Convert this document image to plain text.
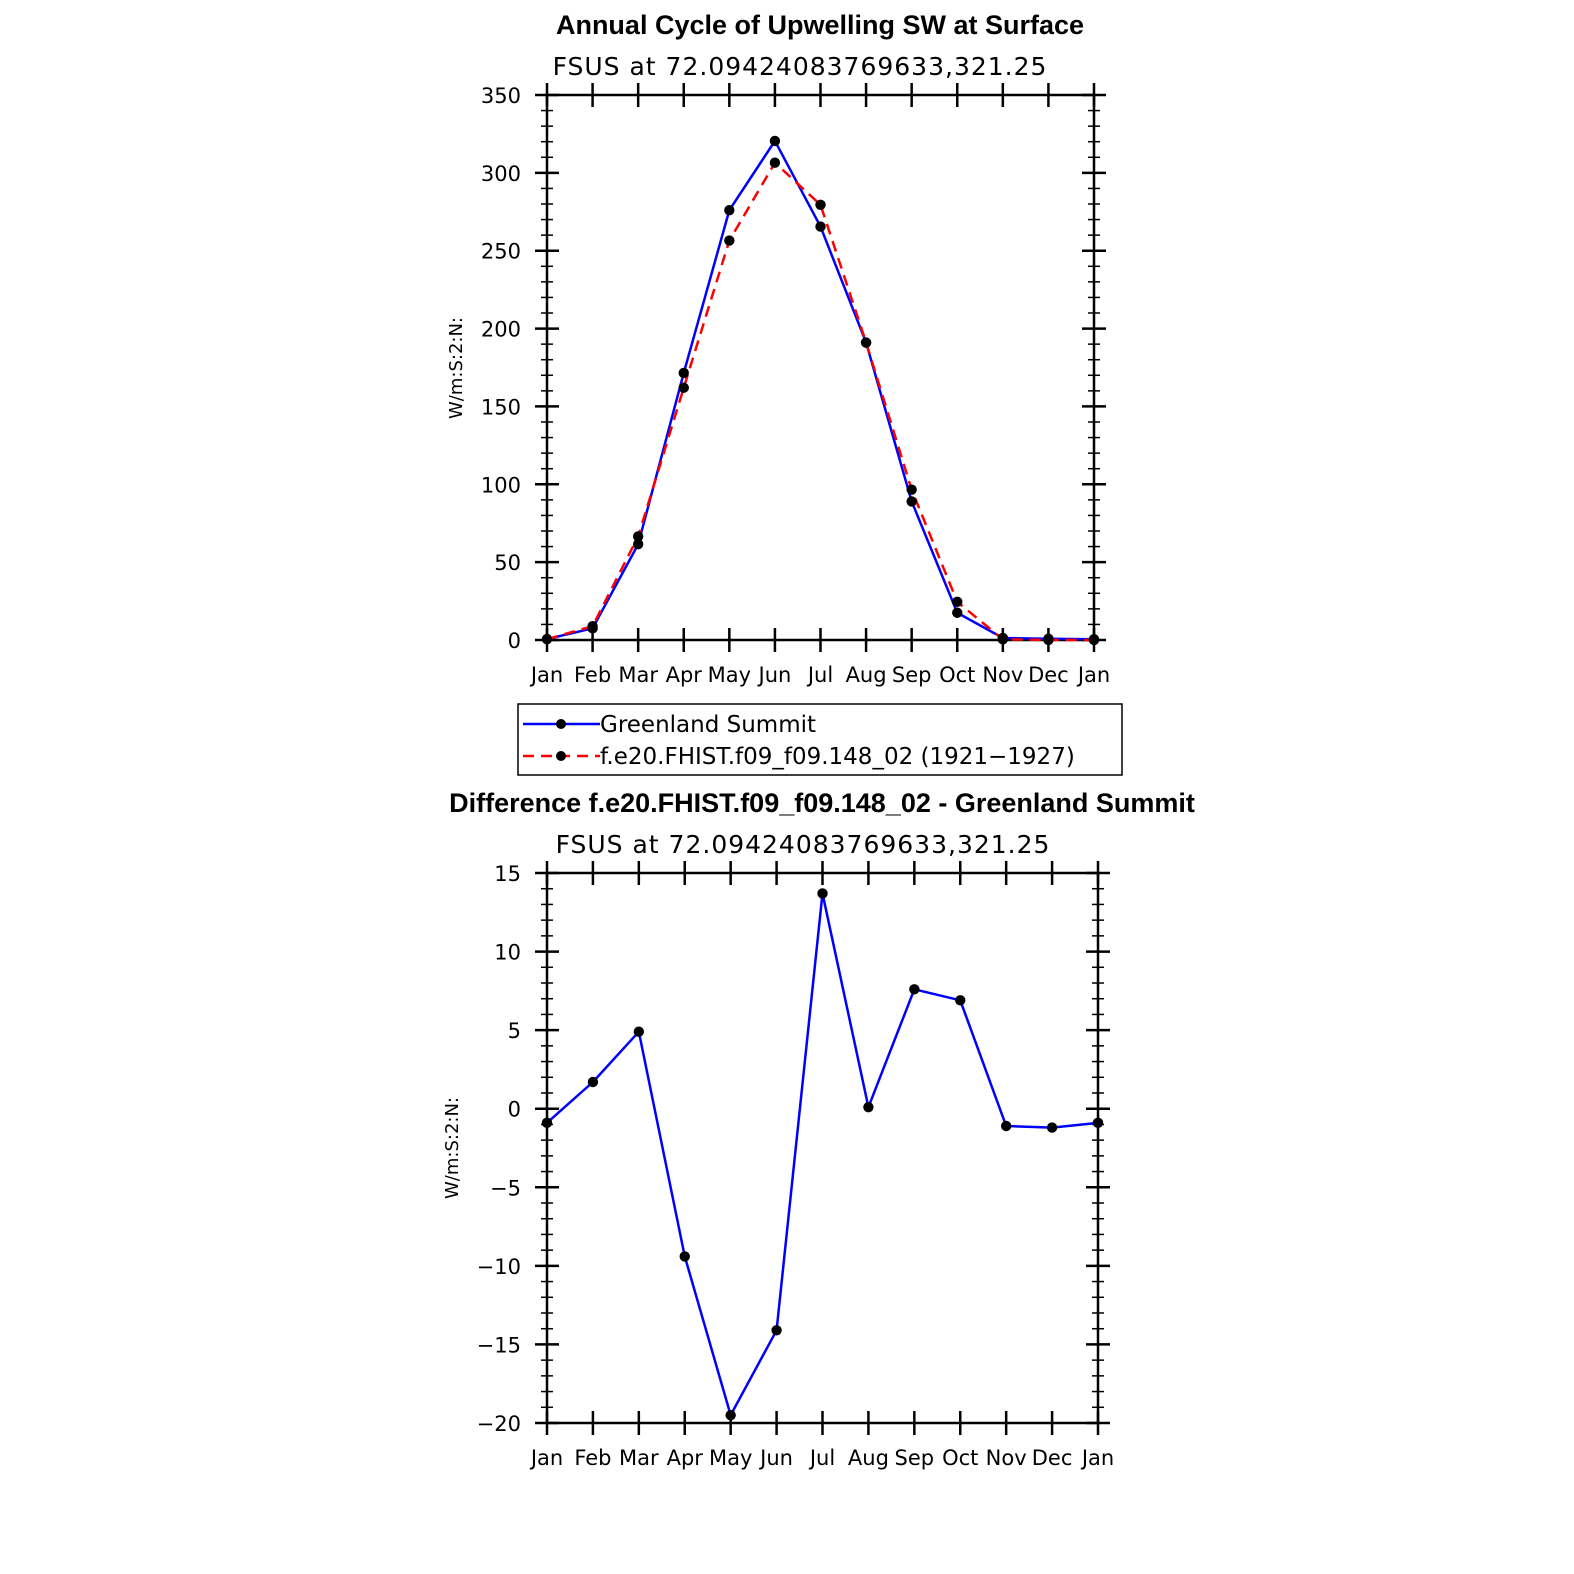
Annual Cycle of Upwelling SW at Surface
FSUS at 72.09424083769633,321.25
W/m:S:2:N:
0
50
100
150
200
250
300
350
Jan Feb Mar Apr May Jun Jul Aug Sep Oct Nov Dec Jan
Greenland Summit
f.e20.FHIST.f09_f09.148_02 (1921−1927)
Difference f.e20.FHIST.f09_f09.148_02 - Greenland Summit
FSUS at 72.09424083769633,321.25
W/m:S:2:N:
−20
−15
−10
−5
0
5
10
15
Jan Feb Mar Apr May Jun Jul Aug Sep Oct Nov Dec Jan
